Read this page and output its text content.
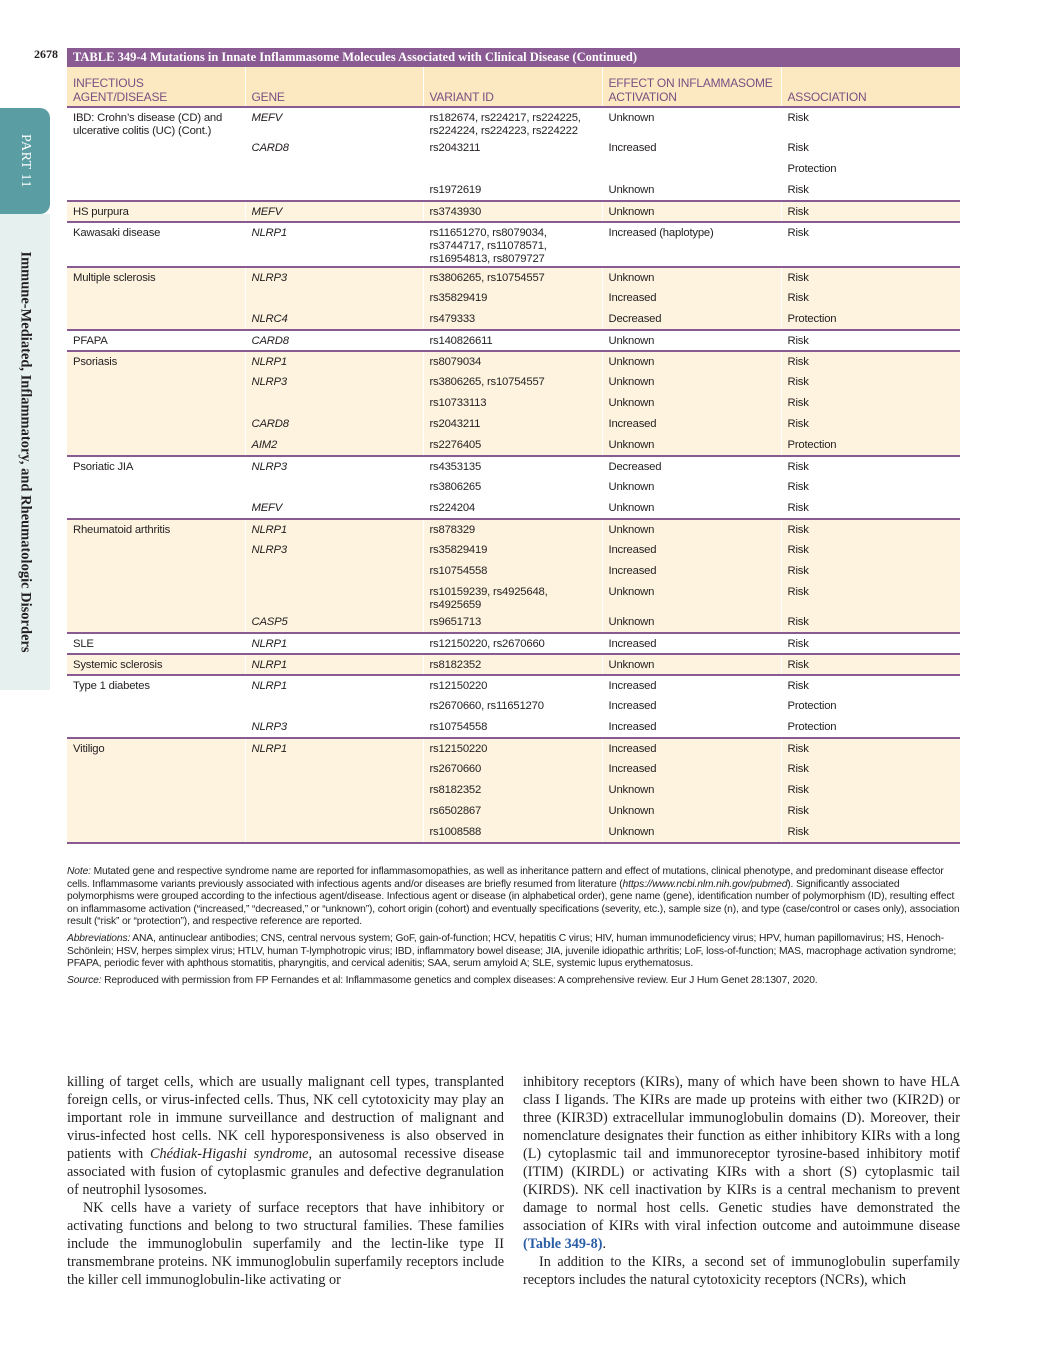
2678
PART 11
Immune-Mediated, Inflammatory, and Rheumatologic Disorders
TABLE 349-4 Mutations in Innate Inflammasome Molecules Associated with Clinical Disease (Continued)
INFECTIOUS AGENT/DISEASE	GENE	VARIANT ID	EFFECT ON INFLAMMASOME ACTIVATION	ASSOCIATION
IBD: Crohn’s disease (CD) and ulcerative colitis (UC) (Cont.)	MEFV	rs182674, rs224217, rs224225, rs224224, rs224223, rs224222	Unknown	Risk
	CARD8	rs2043211	Increased	Risk
				Protection
		rs1972619	Unknown	Risk
HS purpura	MEFV	rs3743930	Unknown	Risk
Kawasaki disease	NLRP1	rs11651270, rs8079034, rs3744717, rs11078571, rs16954813, rs8079727	Increased (haplotype)	Risk
Multiple sclerosis	NLRP3	rs3806265, rs10754557	Unknown	Risk
		rs35829419	Increased	Risk
	NLRC4	rs479333	Decreased	Protection
PFAPA	CARD8	rs140826611	Unknown	Risk
Psoriasis	NLRP1	rs8079034	Unknown	Risk
	NLRP3	rs3806265, rs10754557	Unknown	Risk
		rs10733113	Unknown	Risk
	CARD8	rs2043211	Increased	Risk
	AIM2	rs2276405	Unknown	Protection
Psoriatic JIA	NLRP3	rs4353135	Decreased	Risk
		rs3806265	Unknown	Risk
	MEFV	rs224204	Unknown	Risk
Rheumatoid arthritis	NLRP1	rs878329	Unknown	Risk
	NLRP3	rs35829419	Increased	Risk
		rs10754558	Increased	Risk
		rs10159239, rs4925648, rs4925659	Unknown	Risk
	CASP5	rs9651713	Unknown	Risk
SLE	NLRP1	rs12150220, rs2670660	Increased	Risk
Systemic sclerosis	NLRP1	rs8182352	Unknown	Risk
Type 1 diabetes	NLRP1	rs12150220	Increased	Risk
		rs2670660, rs11651270	Increased	Protection
	NLRP3	rs10754558	Increased	Protection
Vitiligo	NLRP1	rs12150220	Increased	Risk
		rs2670660	Increased	Risk
		rs8182352	Unknown	Risk
		rs6502867	Unknown	Risk
		rs1008588	Unknown	Risk

Note: Mutated gene and respective syndrome name are reported for inflammasomopathies, as well as inheritance pattern and effect of mutations, clinical phenotype, and predominant disease effector cells. Inflammasome variants previously associated with infectious agents and/or diseases are briefly resumed from literature (https://www.ncbi.nlm.nih.gov/pubmed). Significantly associated polymorphisms were grouped according to the infectious agent/disease. Infectious agent or disease (in alphabetical order), gene name (gene), identification number of polymorphism (ID), resulting effect on inflammasome activation (“increased,” “decreased,” or “unknown”), cohort origin (cohort) and eventually specifications (severity, etc.), sample size (n), and type (case/control or cases only), association result (“risk” or “protection”), and respective reference are reported.

Abbreviations: ANA, antinuclear antibodies; CNS, central nervous system; GoF, gain-of-function; HCV, hepatitis C virus; HIV, human immunodeficiency virus; HPV, human papillomavirus; HS, Henoch-Schönlein; HSV, herpes simplex virus; HTLV, human T-lymphotropic virus; IBD, inflammatory bowel disease; JIA, juvenile idiopathic arthritis; LoF, loss-of-function; MAS, macrophage activation syndrome; PFAPA, periodic fever with aphthous stomatitis, pharyngitis, and cervical adenitis; SAA, serum amyloid A; SLE, systemic lupus erythematosus.

Source: Reproduced with permission from FP Fernandes et al: Inflammasome genetics and complex diseases: A comprehensive review. Eur J Hum Genet 28:1307, 2020.

killing of target cells, which are usually malignant cell types, transplanted foreign cells, or virus-infected cells. Thus, NK cell cytotoxicity may play an important role in immune surveillance and destruction of malignant and virus-infected host cells. NK cell hyporesponsiveness is also observed in patients with Chédiak-Higashi syndrome, an autosomal recessive disease associated with fusion of cytoplasmic granules and defective degranulation of neutrophil lysosomes.

NK cells have a variety of surface receptors that have inhibitory or activating functions and belong to two structural families. These families include the immunoglobulin superfamily and the lectin-like type II transmembrane proteins. NK immunoglobulin superfamily receptors include the killer cell immunoglobulin-like activating or

inhibitory receptors (KIRs), many of which have been shown to have HLA class I ligands. The KIRs are made up proteins with either two (KIR2D) or three (KIR3D) extracellular immunoglobulin domains (D). Moreover, their nomenclature designates their function as either inhibitory KIRs with a long (L) cytoplasmic tail and immunoreceptor tyrosine-based inhibitory motif (ITIM) (KIRDL) or activating KIRs with a short (S) cytoplasmic tail (KIRDS). NK cell inactivation by KIRs is a central mechanism to prevent damage to normal host cells. Genetic studies have demonstrated the association of KIRs with viral infection outcome and autoimmune disease (Table 349-8).

In addition to the KIRs, a second set of immunoglobulin superfamily receptors includes the natural cytotoxicity receptors (NCRs), which
